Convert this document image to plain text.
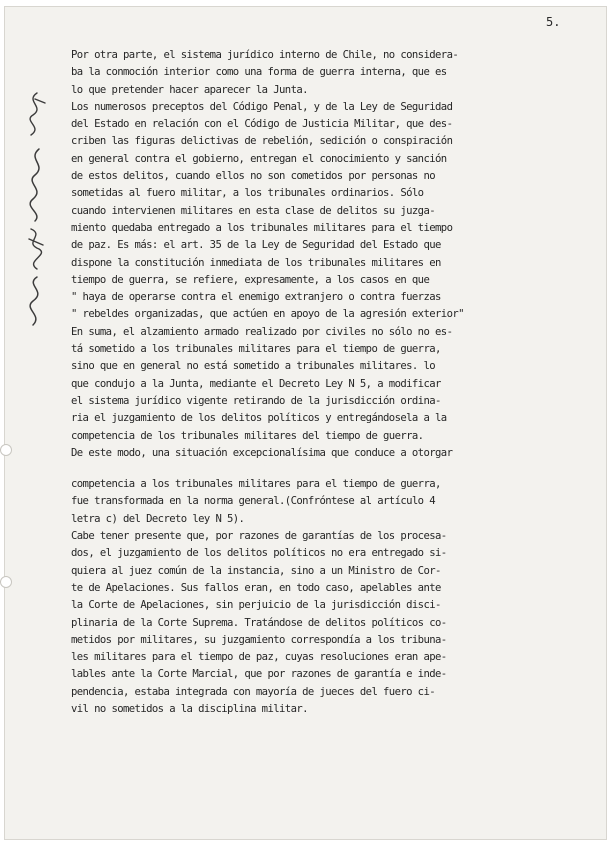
5.
Por otra parte, el sistema jurídico interno de Chile, no considera-
ba la conmoción interior como una forma de guerra interna, que es
lo que pretender hacer aparecer la Junta.
Los numerosos preceptos del Código Penal, y de la Ley de Seguridad
del Estado en relación con el Código de Justicia Militar, que des-
criben las figuras delictivas de rebelión, sedición o conspiración
en general contra el gobierno, entregan el conocimiento y sanción
de estos delitos, cuando ellos no son cometidos por personas no
sometidas al fuero militar, a los tribunales ordinarios. Sólo
cuando intervienen militares en esta clase de delitos su juzga-
miento quedaba entregado a los tribunales militares para el tiempo
de paz. Es más: el art. 35 de la Ley de Seguridad del Estado que
dispone la constitución inmediata de los tribunales militares en
tiempo de guerra, se refiere, expresamente, a los casos en que
" haya de operarse contra el enemigo extranjero o contra fuerzas
" rebeldes organizadas, que actúen en apoyo de la agresión exterior"
En suma, el alzamiento armado realizado por civiles no sólo no es-
tá sometido a los tribunales militares para el tiempo de guerra,
sino que en general no está sometido a tribunales militares. lo
que condujo a la Junta, mediante el Decreto Ley N 5, a modificar
el sistema jurídico vigente retirando de la jurisdicción ordina-
ria el juzgamiento de los delitos políticos y entregándosela a la
competencia de los tribunales militares del tiempo de guerra.
De este modo, una situación excepcionalísima que conduce a otorgar
competencia a los tribunales militares para el tiempo de guerra,
fue transformada en la norma general.(Confróntese al artículo 4
letra c) del Decreto ley N 5).
Cabe tener presente que, por razones de garantías de los procesa-
dos, el juzgamiento de los delitos políticos no era entregado si-
quiera al juez común de la instancia, sino a un Ministro de Cor-
te de Apelaciones. Sus fallos eran, en todo caso, apelables ante
la Corte de Apelaciones, sin perjuicio de la jurisdicción disci-
plinaria de la Corte Suprema. Tratándose de delitos políticos co-
metidos por militares, su juzgamiento correspondía a los tribuna-
les militares para el tiempo de paz, cuyas resoluciones eran ape-
lables ante la Corte Marcial, que por razones de garantía e inde-
pendencia, estaba integrada con mayoría de jueces del fuero ci-
vil no sometidos a la disciplina militar.
